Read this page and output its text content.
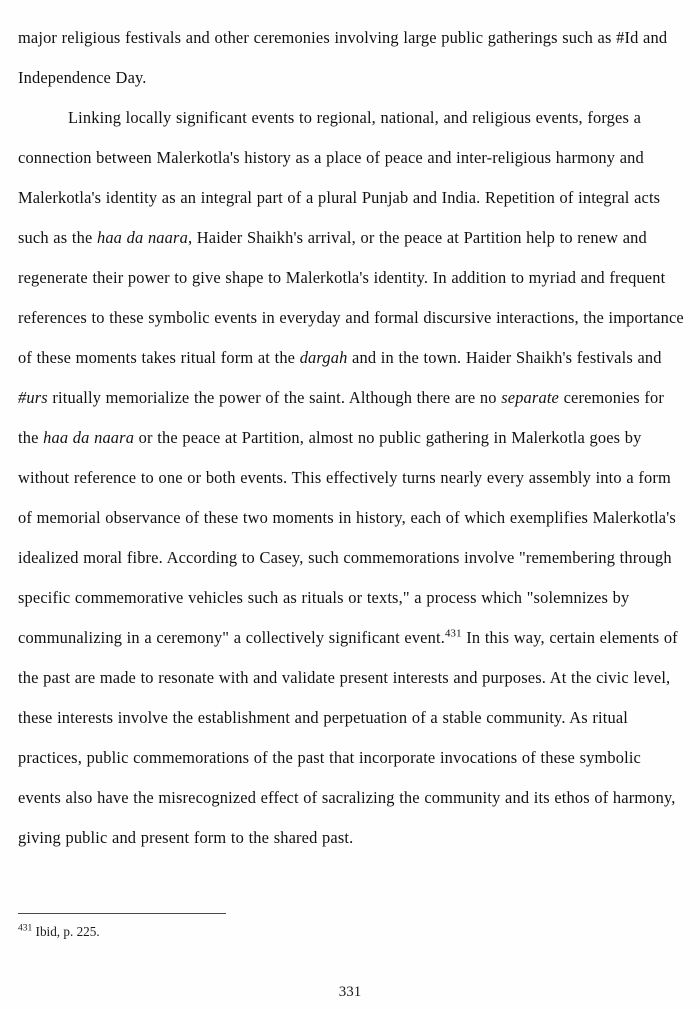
major religious festivals and other ceremonies involving large public gatherings such as #Id and Independence Day.

Linking locally significant events to regional, national, and religious events, forges a connection between Malerkotla's history as a place of peace and inter-religious harmony and Malerkotla's identity as an integral part of a plural Punjab and India. Repetition of integral acts such as the haa da naara, Haider Shaikh's arrival, or the peace at Partition help to renew and regenerate their power to give shape to Malerkotla's identity. In addition to myriad and frequent references to these symbolic events in everyday and formal discursive interactions, the importance of these moments takes ritual form at the dargah and in the town. Haider Shaikh's festivals and #urs ritually memorialize the power of the saint. Although there are no separate ceremonies for the haa da naara or the peace at Partition, almost no public gathering in Malerkotla goes by without reference to one or both events. This effectively turns nearly every assembly into a form of memorial observance of these two moments in history, each of which exemplifies Malerkotla's idealized moral fibre. According to Casey, such commemorations involve "remembering through specific commemorative vehicles such as rituals or texts," a process which "solemnizes by communalizing in a ceremony" a collectively significant event.$^{431}$ In this way, certain elements of the past are made to resonate with and validate present interests and purposes. At the civic level, these interests involve the establishment and perpetuation of a stable community. As ritual practices, public commemorations of the past that incorporate invocations of these symbolic events also have the misrecognized effect of sacralizing the community and its ethos of harmony, giving public and present form to the shared past.

$^{431}$ Ibid, p. 225.

331
